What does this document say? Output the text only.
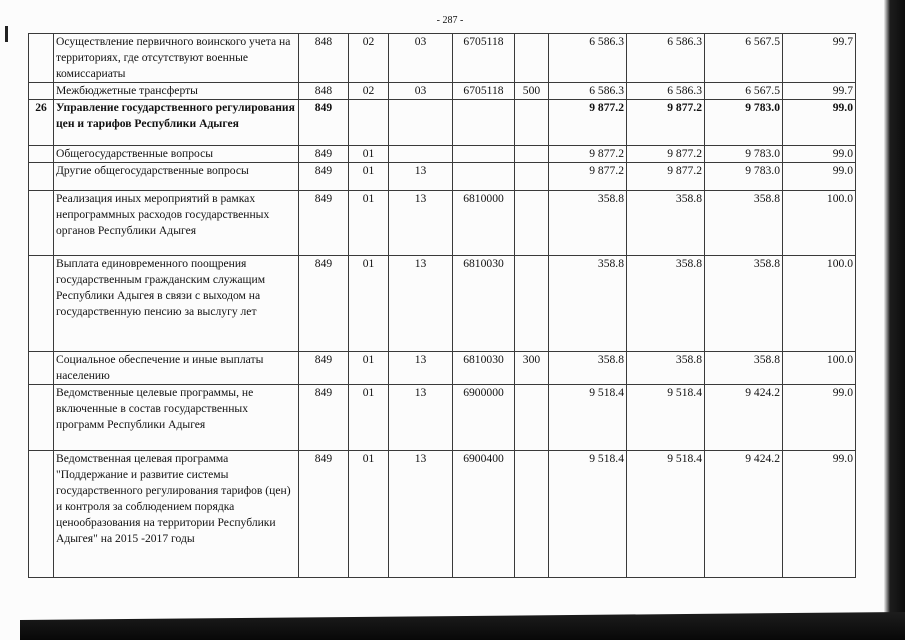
- 287 -
	Осуществление первичного воинского учета на территориях, где отсутствуют военные комиссариаты	848	02	03	6705118		6 586.3	6 586.3	6 567.5	99.7
	Межбюджетные трансферты	848	02	03	6705118	500	6 586.3	6 586.3	6 567.5	99.7
26	Управление государственного регулирования цен и тарифов Республики Адыгея	849					9 877.2	9 877.2	9 783.0	99.0
	Общегосударственные вопросы	849	01				9 877.2	9 877.2	9 783.0	99.0
	Другие общегосударственные вопросы	849	01	13			9 877.2	9 877.2	9 783.0	99.0
	Реализация иных мероприятий в рамках непрограммных расходов государственных органов Республики Адыгея	849	01	13	6810000		358.8	358.8	358.8	100.0
	Выплата единовременного поощрения государственным гражданским служащим Республики Адыгея в связи с выходом на государственную пенсию за выслугу лет	849	01	13	6810030		358.8	358.8	358.8	100.0
	Социальное обеспечение и иные выплаты населению	849	01	13	6810030	300	358.8	358.8	358.8	100.0
	Ведомственные целевые программы, не включенные в состав государственных программ Республики Адыгея	849	01	13	6900000		9 518.4	9 518.4	9 424.2	99.0
	Ведомственная целевая программа "Поддержание и развитие системы государственного регулирования тарифов (цен) и контроля за соблюдением порядка ценообразования на территории Республики Адыгея" на 2015 -2017 годы	849	01	13	6900400		9 518.4	9 518.4	9 424.2	99.0
